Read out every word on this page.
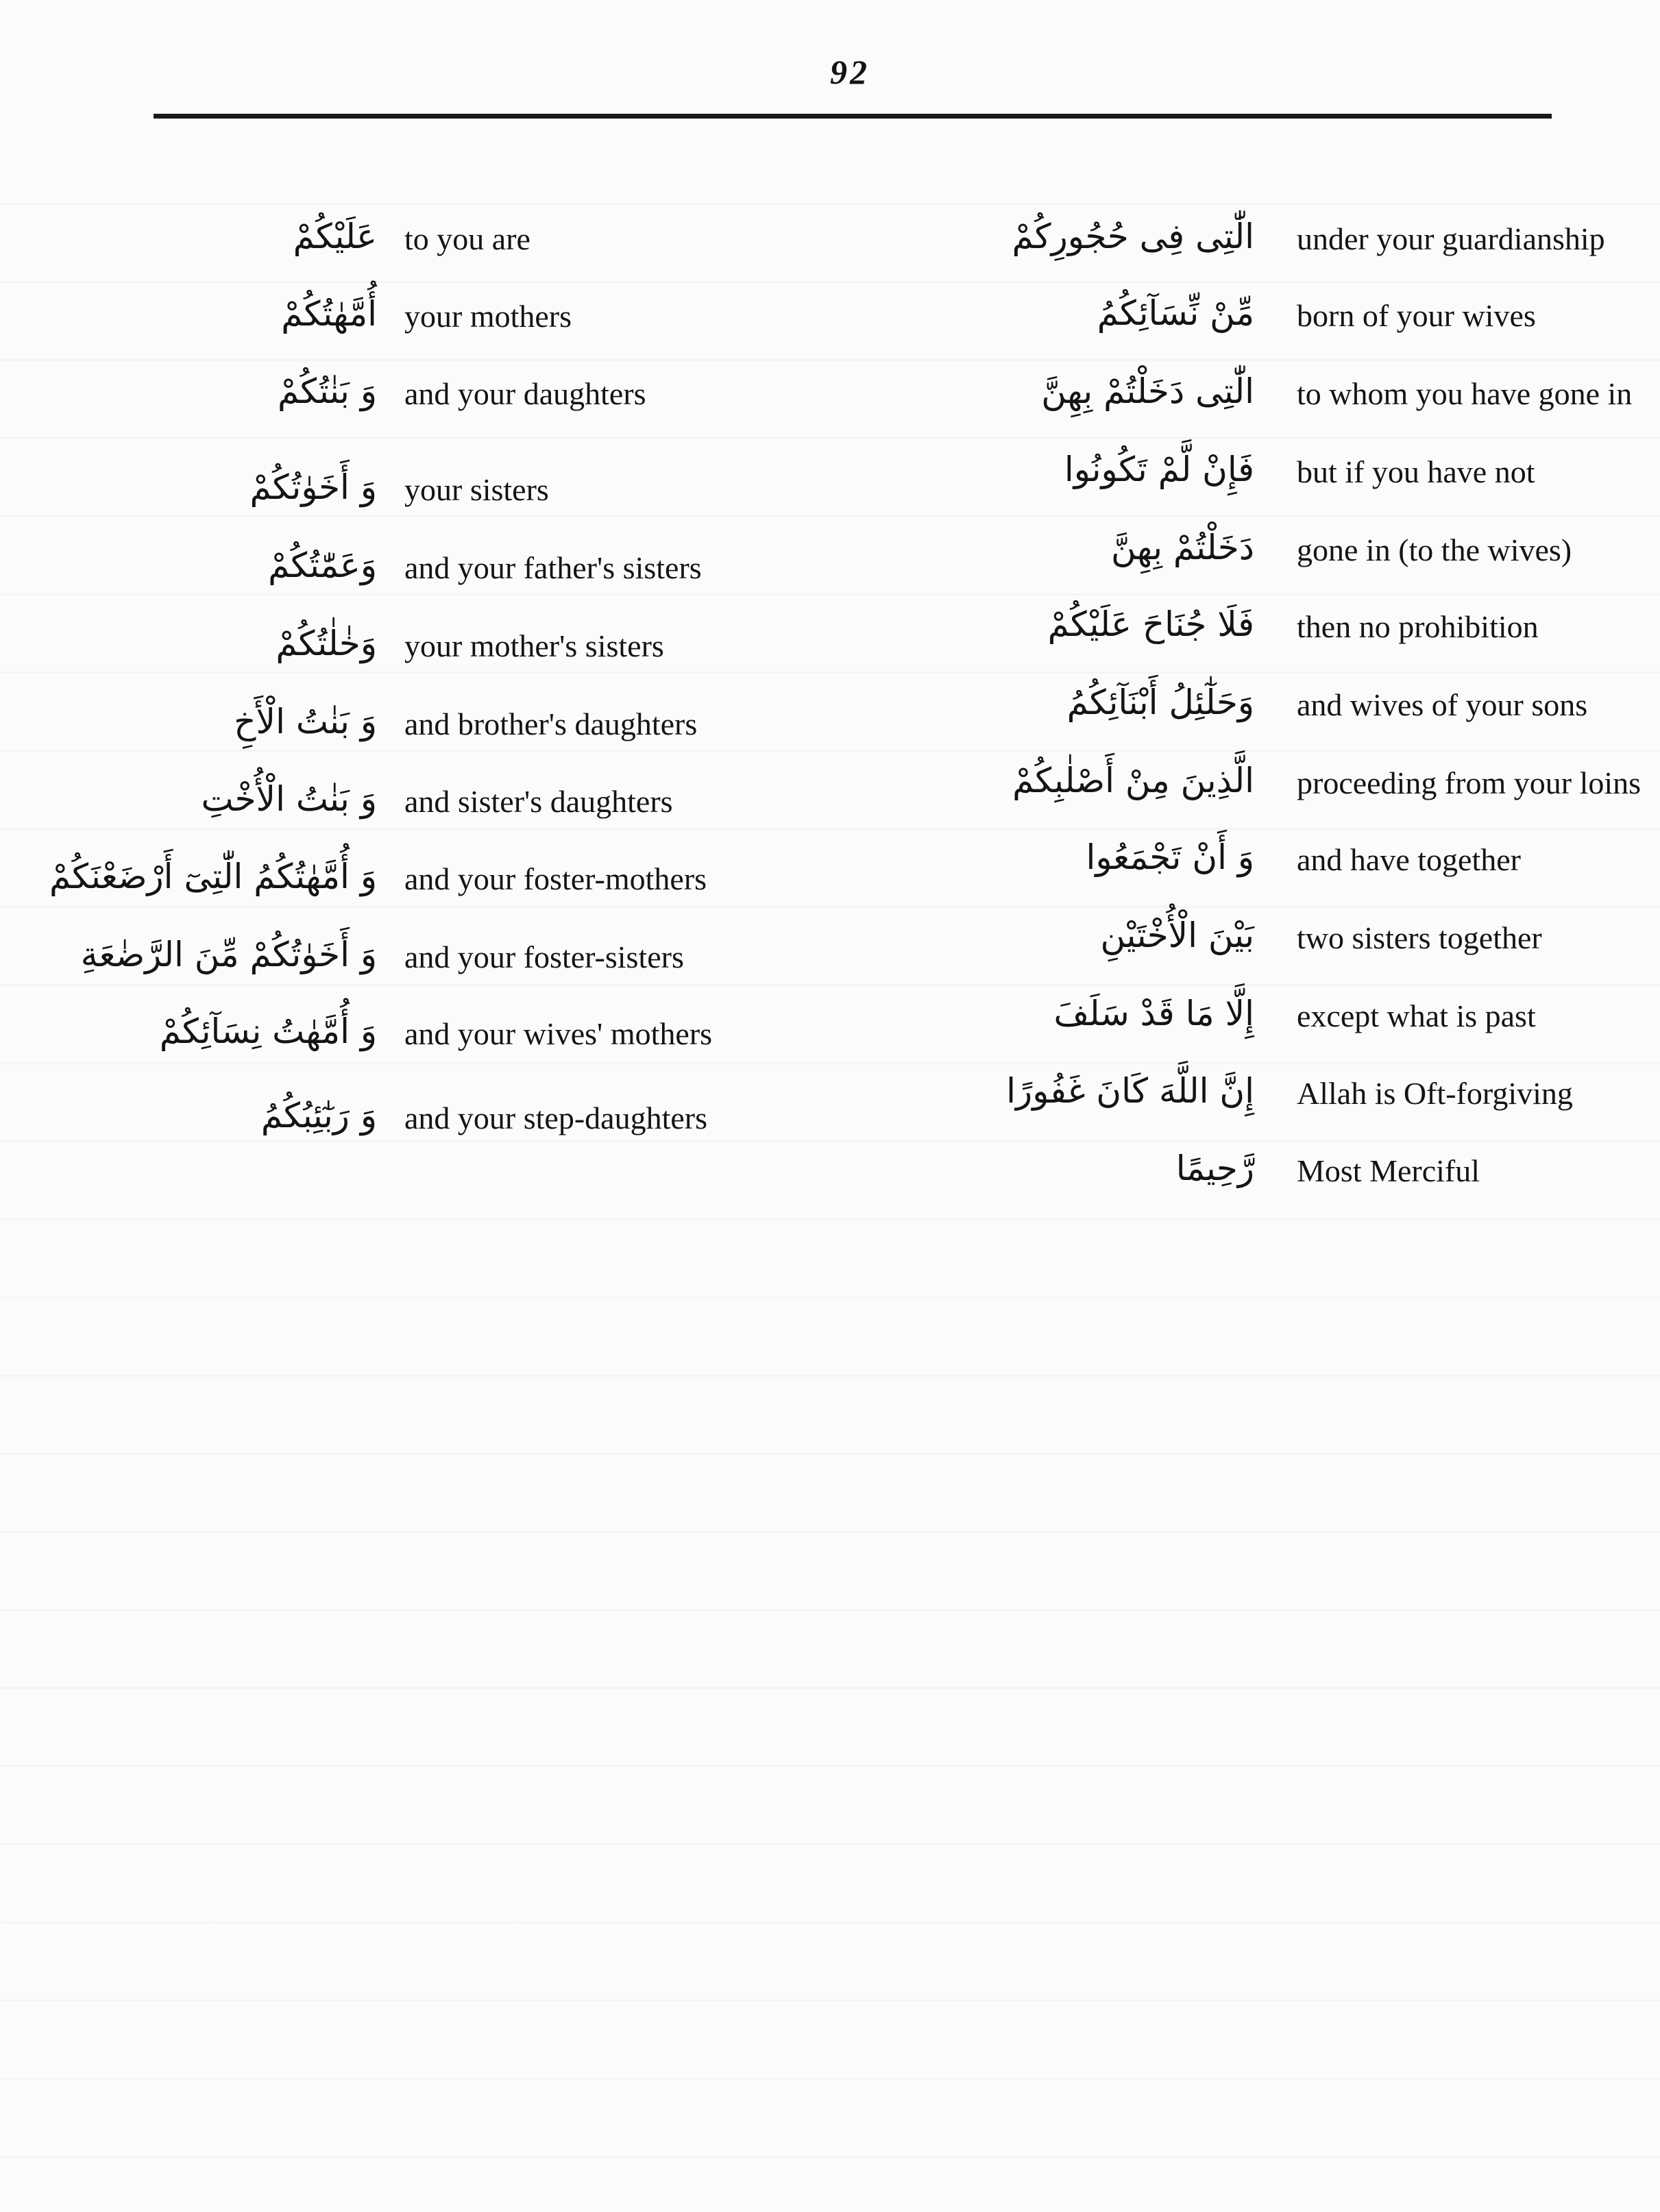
92
عَلَيْكُمْ to you are
أُمَّهٰتُكُمْ your mothers
وَ بَنٰتُكُمْ and your daughters
وَ أَخَوٰتُكُمْ your sisters
وَعَمّٰتُكُمْ and your father's sisters
وَخٰلٰتُكُمْ your mother's sisters
وَ بَنٰتُ الْأَخِ and brother's daughters
وَ بَنٰتُ الْأُخْتِ and sister's daughters
وَ أُمَّهٰتُكُمُ الّٰتِىٓ أَرْضَعْنَكُمْ and your foster-mothers
وَ أَخَوٰتُكُمْ مِّنَ الرَّضٰعَةِ and your foster-sisters
وَ أُمَّهٰتُ نِسَآئِكُمْ and your wives' mothers
وَ رَبٰٓئِبُكُمُ and your step-daughters
الّٰتِى فِى حُجُورِكُمْ under your guardianship
مِّنْ نِّسَآئِكُمُ born of your wives
الّٰتِى دَخَلْتُمْ بِهِنَّ to whom you have gone in
فَإِنْ لَّمْ تَكُونُوا but if you have not
دَخَلْتُمْ بِهِنَّ gone in (to the wives)
فَلَا جُنَاحَ عَلَيْكُمْ then no prohibition
وَحَلٰٓئِلُ أَبْنَآئِكُمُ and wives of your sons
الَّذِينَ مِنْ أَصْلٰبِكُمْ proceeding from your loins
وَ أَنْ تَجْمَعُوا and have together
بَيْنَ الْأُخْتَيْنِ two sisters together
إِلَّا مَا قَدْ سَلَفَ except what is past
إِنَّ اللَّهَ كَانَ غَفُورًا Allah is Oft-forgiving
رَّحِيمًا Most Merciful
